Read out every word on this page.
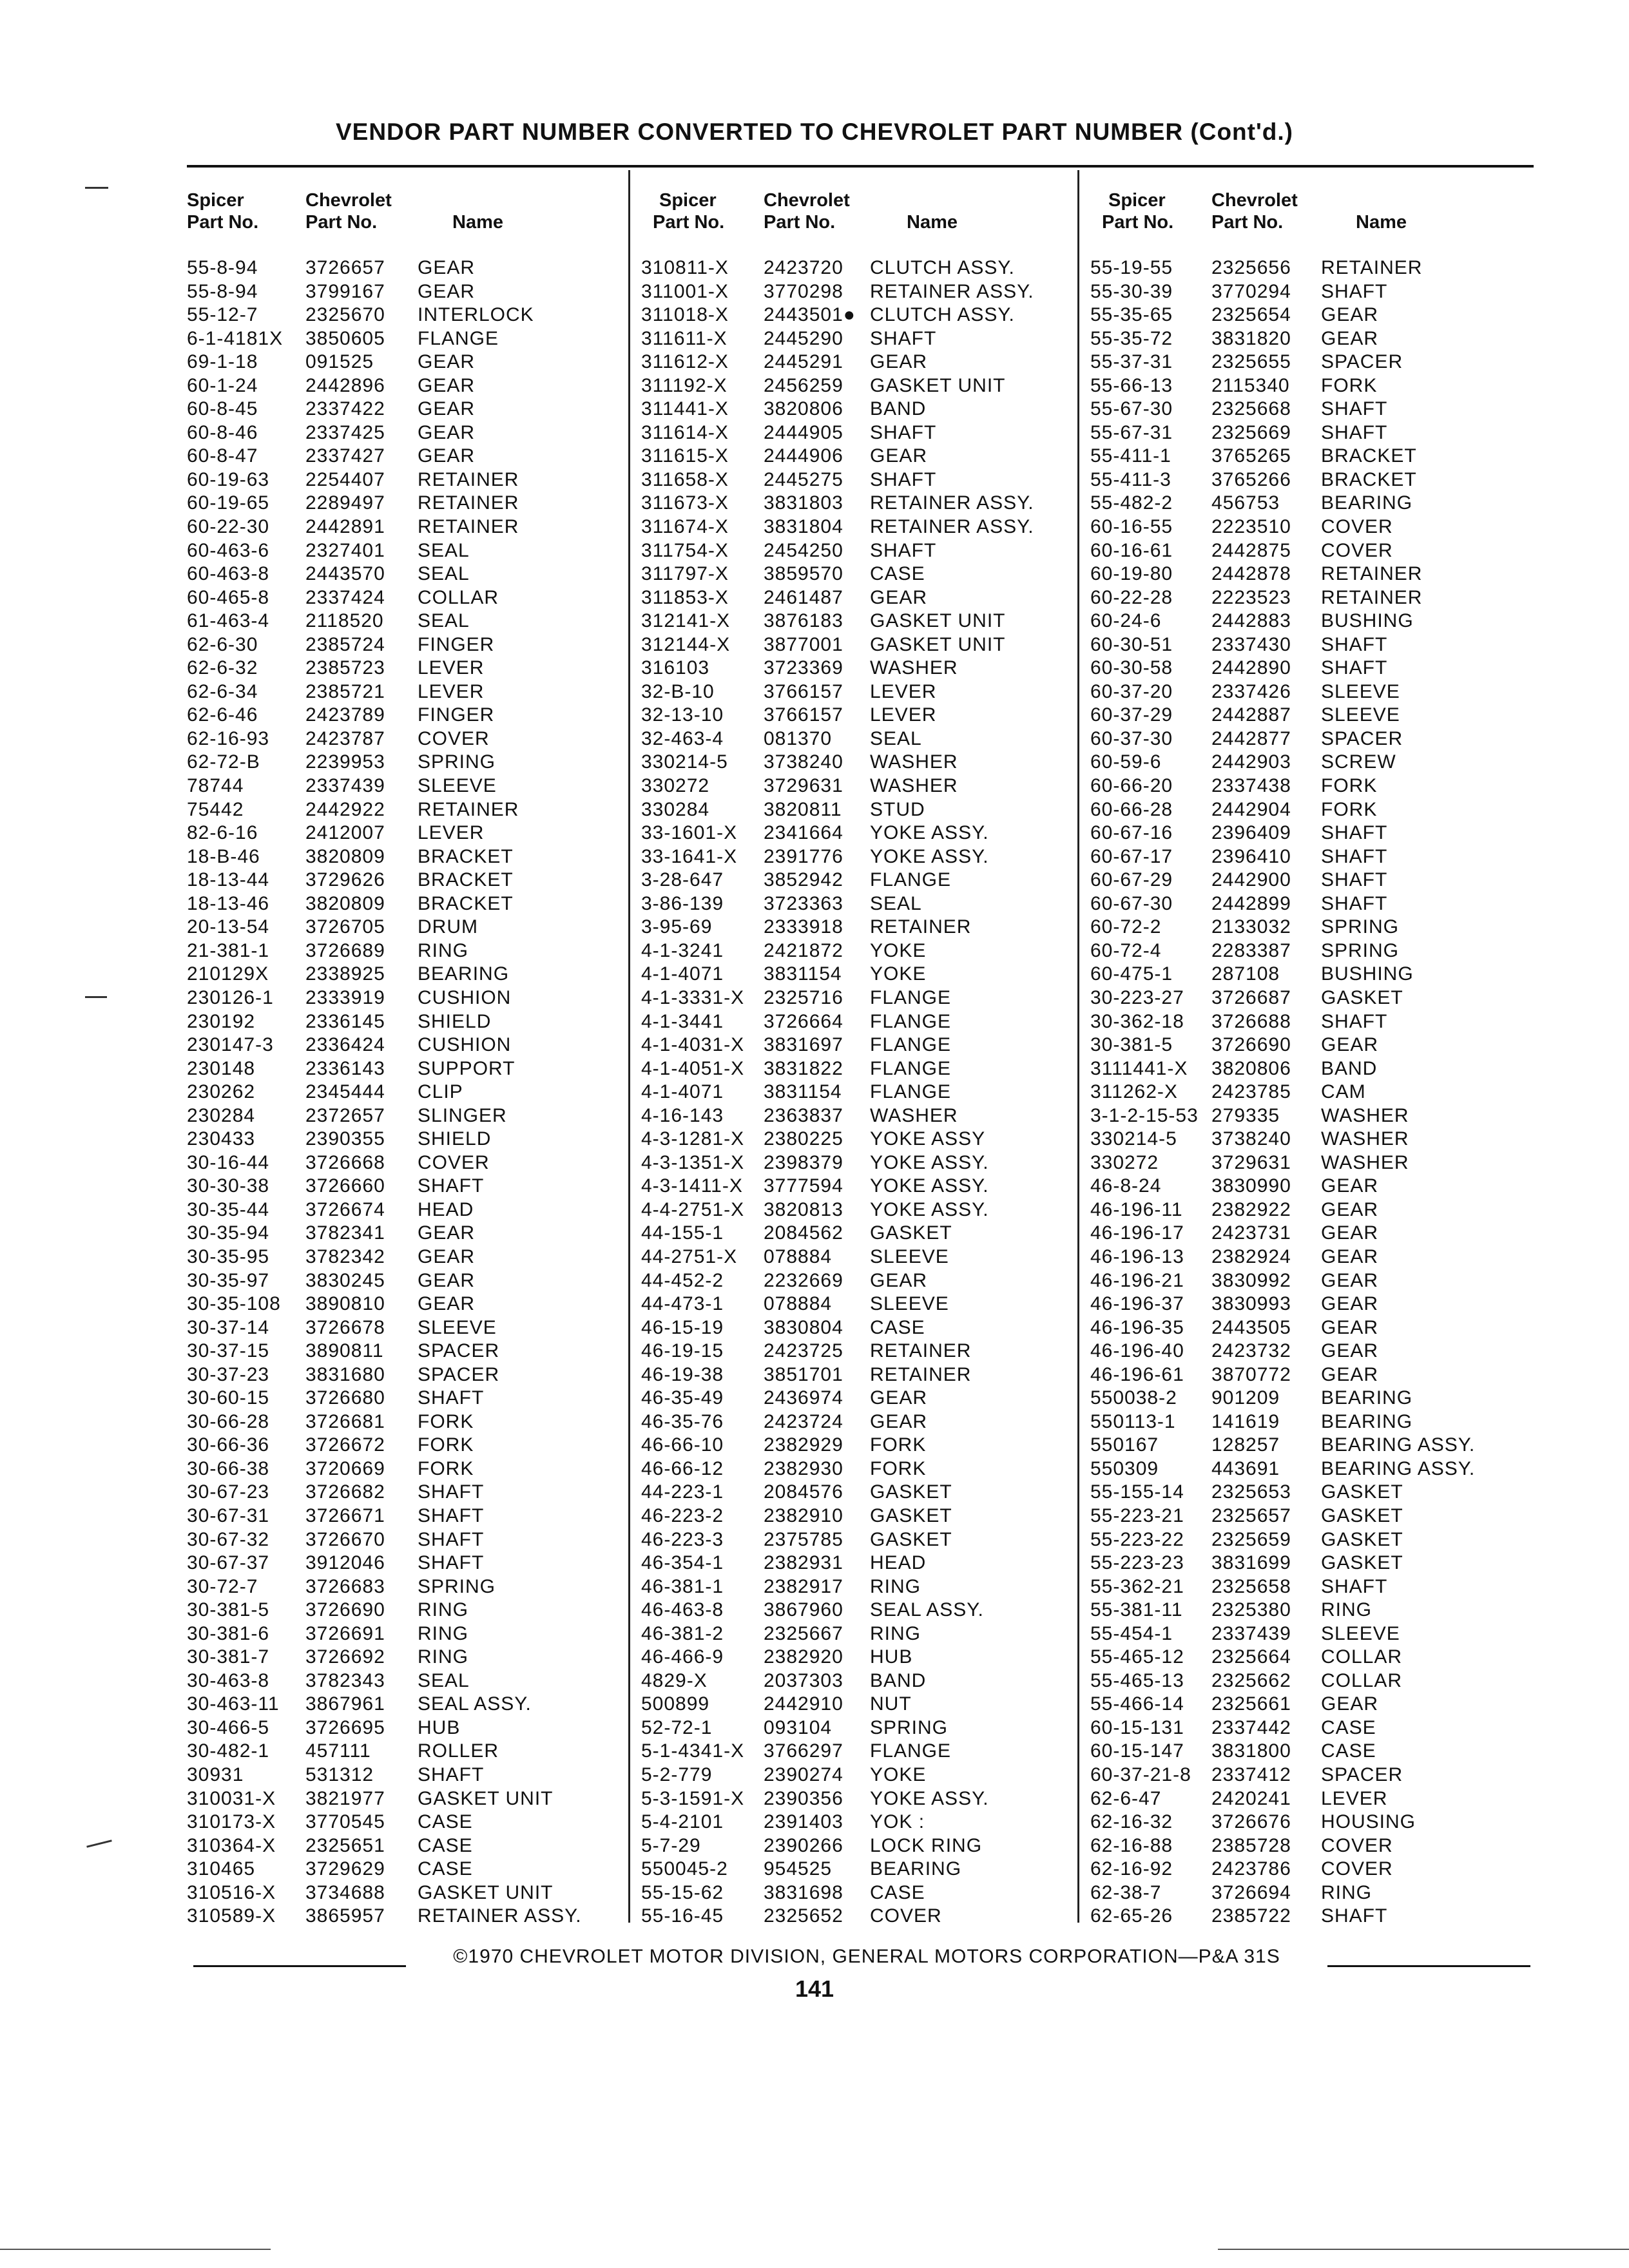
VENDOR PART NUMBER CONVERTED TO CHEVROLET PART NUMBER (Cont'd.)
Spicer
Part No.
Chevrolet
Part No.	Name
55-8-94 3726657 GEAR
55-8-94 3799167 GEAR
55-12-7 2325670 INTERLOCK
6-1-4181X 3850605 FLANGE
69-1-18 091525 GEAR
60-1-24 2442896 GEAR
60-8-45 2337422 GEAR
60-8-46 2337425 GEAR
60-8-47 2337427 GEAR
60-19-63 2254407 RETAINER
60-19-65 2289497 RETAINER
60-22-30 2442891 RETAINER
60-463-6 2327401 SEAL
60-463-8 2443570 SEAL
60-465-8 2337424 COLLAR
61-463-4 2118520 SEAL
62-6-30 2385724 FINGER
62-6-32 2385723 LEVER
62-6-34 2385721 LEVER
62-6-46 2423789 FINGER
62-16-93 2423787 COVER
62-72-B 2239953 SPRING
78744	2337439 SLEEVE
75442	2442922 RETAINER
82-6-16 2412007 LEVER
18-B-46 3820809 BRACKET
18-13-44 3729626 BRACKET
18-13-46 3820809 BRACKET
20-13-54 3726705 DRUM
21-381-1 3726689 RING
210129X 2338925 BEARING
230126-1 2333919 CUSHION
230192	2336145 SHIELD
230147-3 2336424 CUSHION
230148	2336143 SUPPORT
230262	2345444 CLIP
230284	2372657 SLINGER
230433	2390355 SHIELD
30-16-44 3726668 COVER
30-30-38 3726660 SHAFT
30-35-44 3726674 HEAD
30-35-94 3782341 GEAR
30-35-95 3782342 GEAR
30-35-97 3830245 GEAR
30-35-108 3890810 GEAR
30-37-14 3726678 SLEEVE
30-37-15 3890811 SPACER
30-37-23 3831680 SPACER
30-60-15 3726680 SHAFT
30-66-28 3726681 FORK
30-66-36 3726672 FORK
30-66-38 3720669 FORK
30-67-23 3726682 SHAFT
30-67-31 3726671 SHAFT
30-67-32 3726670 SHAFT
30-67-37 3912046 SHAFT
30-72-7 3726683 SPRING
30-381-5 3726690 RING
30-381-6 3726691 RING
30-381-7 3726692 RING
30-463-8 3782343 SEAL
30-463-11 3867961 SEAL ASSY.
30-466-5 3726695 HUB
30-482-1 457111 ROLLER
30931	531312 SHAFT
310031-X 3821977 GASKET UNIT
310173-X 3770545 CASE
310364-X 2325651 CASE
310465	3729629 CASE
310516-X 3734688 GASKET UNIT
310589-X 3865957 RETAINER ASSY.
Spicer
Part No.
Chevrolet
Part No.	Name
310811-X 2423720 CLUTCH ASSY.
311001-X 3770298 RETAINER ASSY.
311018-X 2443501● CLUTCH ASSY.
311611-X 2445290 SHAFT
311612-X 2445291 GEAR
311192-X 2456259 GASKET UNIT
311441-X 3820806 BAND
311614-X 2444905 SHAFT
311615-X 2444906 GEAR
311658-X 2445275 SHAFT
311673-X 3831803 RETAINER ASSY.
311674-X 3831804 RETAINER ASSY.
311754-X 2454250 SHAFT
311797-X 3859570 CASE
311853-X 2461487 GEAR
312141-X 3876183 GASKET UNIT
312144-X 3877001 GASKET UNIT
316103	3723369 WASHER
32-B-10	3766157 LEVER
32-13-10 3766157 LEVER
32-463-4 081370 SEAL
330214-5 3738240 WASHER
330272	3729631 WASHER
330284	3820811 STUD
33-1601-X 2341664 YOKE ASSY.
33-1641-X 2391776 YOKE ASSY.
3-28-647 3852942 FLANGE
3-86-139 3723363 SEAL
3-95-69	2333918 RETAINER
4-1-3241 2421872 YOKE
4-1-4071 3831154 YOKE
4-1-3331-X 2325716 FLANGE
4-1-3441 3726664 FLANGE
4-1-4031-X 3831697 FLANGE
4-1-4051-X 3831822 FLANGE
4-1-4071 3831154 FLANGE
4-16-143 2363837 WASHER
4-3-1281-X 2380225 YOKE ASSY
4-3-1351-X 2398379 YOKE ASSY.
4-3-1411-X 3777594 YOKE ASSY.
4-4-2751-X 3820813 YOKE ASSY.
44-155-1 2084562 GASKET
44-2751-X 078884 SLEEVE
44-452-2 2232669 GEAR
44-473-1 078884 SLEEVE
46-15-19 3830804 CASE
46-19-15 2423725 RETAINER
46-19-38 3851701 RETAINER
46-35-49 2436974 GEAR
46-35-76 2423724 GEAR
46-66-10 2382929 FORK
46-66-12 2382930 FORK
44-223-1 2084576 GASKET
46-223-2 2382910 GASKET
46-223-3 2375785 GASKET
46-354-1 2382931 HEAD
46-381-1 2382917 RING
46-463-8 3867960 SEAL ASSY.
46-381-2 2325667 RING
46-466-9 2382920 HUB
4829-X	2037303 BAND
500899	2442910 NUT
52-72-1	093104 SPRING
5-1-4341-X 3766297 FLANGE
5-2-779	2390274 YOKE
5-3-1591-X 2390356 YOKE ASSY.
5-4-2101 2391403 YOK :
5-7-29	2390266 LOCK RING
550045-2 954525 BEARING
55-15-62 3831698 CASE
55-16-45 2325652 COVER
Spicer
Part No.
Chevrolet
Part No.	Name
55-19-55 2325656 RETAINER
55-30-39 3770294 SHAFT
55-35-65 2325654 GEAR
55-35-72 3831820 GEAR
55-37-31 2325655 SPACER
55-66-13 2115340 FORK
55-67-30 2325668 SHAFT
55-67-31 2325669 SHAFT
55-411-1 3765265 BRACKET
55-411-3 3765266 BRACKET
55-482-2 456753 BEARING
60-16-55 2223510 COVER
60-16-61 2442875 COVER
60-19-80 2442878 RETAINER
60-22-28 2223523 RETAINER
60-24-6	2442883 BUSHING
60-30-51 2337430 SHAFT
60-30-58 2442890 SHAFT
60-37-20 2337426 SLEEVE
60-37-29 2442887 SLEEVE
60-37-30 2442877 SPACER
60-59-6	2442903 SCREW
60-66-20 2337438 FORK
60-66-28 2442904 FORK
60-67-16 2396409 SHAFT
60-67-17 2396410 SHAFT
60-67-29 2442900 SHAFT
60-67-30 2442899 SHAFT
60-72-2	2133032 SPRING
60-72-4	2283387 SPRING
60-475-1 287108 BUSHING
30-223-27 3726687 GASKET
30-362-18 3726688 SHAFT
30-381-5 3726690 GEAR
3111441-X 3820806 BAND
311262-X 2423785 CAM
3-1-2-15-53 279335 WASHER
330214-5 3738240 WASHER
330272	3729631 WASHER
46-8-24	3830990 GEAR
46-196-11 2382922 GEAR
46-196-17 2423731 GEAR
46-196-13 2382924 GEAR
46-196-21 3830992 GEAR
46-196-37 3830993 GEAR
46-196-35 2443505 GEAR
46-196-40 2423732 GEAR
46-196-61 3870772 GEAR
550038-2 901209 BEARING
550113-1 141619 BEARING
550167	128257 BEARING ASSY.
550309	443691 BEARING ASSY.
55-155-14 2325653 GASKET
55-223-21 2325657 GASKET
55-223-22 2325659 GASKET
55-223-23 3831699 GASKET
55-362-21 2325658 SHAFT
55-381-11 2325380 RING
55-454-1 2337439 SLEEVE
55-465-12 2325664 COLLAR
55-465-13 2325662 COLLAR
55-466-14 2325661 GEAR
60-15-131 2337442 CASE
60-15-147 3831800 CASE
60-37-21-8 2337412 SPACER
62-6-47	2420241 LEVER
62-16-32 3726676 HOUSING
62-16-88 2385728 COVER
62-16-92 2423786 COVER
62-38-7	3726694 RING
62-65-26 2385722 SHAFT
©1970 CHEVROLET MOTOR DIVISION, GENERAL MOTORS CORPORATION—P&A 31S
141
